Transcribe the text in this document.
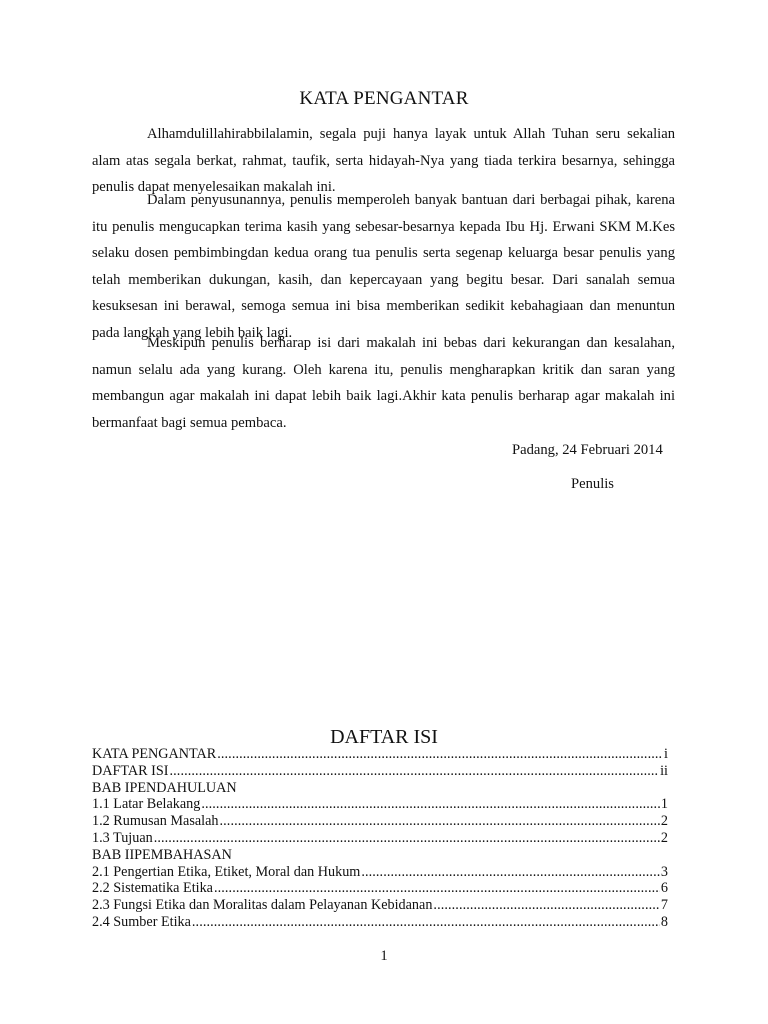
KATA PENGANTAR

Alhamdulillahirabbilalamin, segala puji hanya layak untuk Allah Tuhan seru sekalian alam atas segala berkat, rahmat, taufik, serta hidayah-Nya yang tiada terkira besarnya, sehingga penulis dapat menyelesaikan makalah ini.

Dalam penyusunannya, penulis memperoleh banyak bantuan dari berbagai pihak, karena itu penulis mengucapkan terima kasih yang sebesar-besarnya kepada Ibu Hj. Erwani SKM M.Kes selaku dosen pembimbingdan kedua orang tua penulis serta segenap keluarga besar penulis yang telah memberikan dukungan, kasih, dan kepercayaan yang begitu besar. Dari sanalah semua kesuksesan ini berawal, semoga semua ini bisa memberikan sedikit kebahagiaan dan menuntun pada langkah yang lebih baik lagi.

Meskipun penulis berharap isi dari makalah ini bebas dari kekurangan dan kesalahan, namun selalu ada yang kurang. Oleh karena itu, penulis mengharapkan kritik dan saran yang membangun agar makalah ini dapat lebih baik lagi.Akhir kata penulis berharap agar makalah ini bermanfaat bagi semua pembaca.

Padang, 24 Februari 2014
Penulis
DAFTAR ISI
KATA PENGANTAR .....	i
DAFTAR ISI .....	ii
BAB IPENDAHULUAN
1.1 Latar Belakang .....	1
1.2 Rumusan Masalah .....	2
1.3 Tujuan .....	2
BAB IIPEMBAHASAN
2.1 Pengertian Etika, Etiket, Moral dan Hukum .....	3
2.2 Sistematika Etika .....	6
2.3 Fungsi Etika dan Moralitas dalam Pelayanan Kebidanan .....	7
2.4 Sumber Etika .....	8
1
